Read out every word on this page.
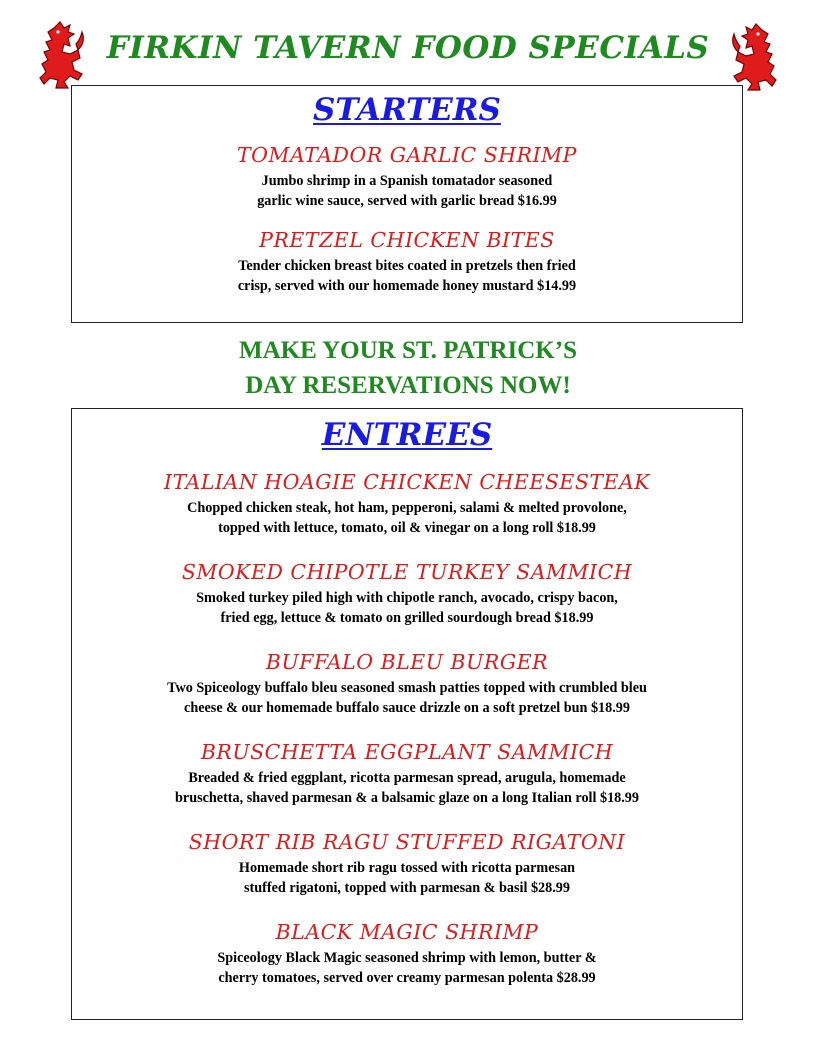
FIRKIN TAVERN FOOD SPECIALS
STARTERS

TOMATADOR GARLIC SHRIMP

Jumbo shrimp in a Spanish tomatador seasoned
garlic wine sauce, served with garlic bread $16.99

PRETZEL CHICKEN BITES

Tender chicken breast bites coated in pretzels then fried
crisp, served with our homemade honey mustard $14.99

MAKE YOUR ST. PATRICK’S
DAY RESERVATIONS NOW!
ENTREES

ITALIAN HOAGIE CHICKEN CHEESESTEAK

Chopped chicken steak, hot ham, pepperoni, salami & melted provolone,
topped with lettuce, tomato, oil & vinegar on a long roll $18.99

SMOKED CHIPOTLE TURKEY SAMMICH

Smoked turkey piled high with chipotle ranch, avocado, crispy bacon,
fried egg, lettuce & tomato on grilled sourdough bread $18.99

BUFFALO BLEU BURGER

Two Spiceology buffalo bleu seasoned smash patties topped with crumbled bleu
cheese & our homemade buffalo sauce drizzle on a soft pretzel bun $18.99

BRUSCHETTA EGGPLANT SAMMICH

Breaded & fried eggplant, ricotta parmesan spread, arugula, homemade
bruschetta, shaved parmesan & a balsamic glaze on a long Italian roll $18.99

SHORT RIB RAGU STUFFED RIGATONI

Homemade short rib ragu tossed with ricotta parmesan
stuffed rigatoni, topped with parmesan & basil $28.99

BLACK MAGIC SHRIMP

Spiceology Black Magic seasoned shrimp with lemon, butter &
cherry tomatoes, served over creamy parmesan polenta $28.99
